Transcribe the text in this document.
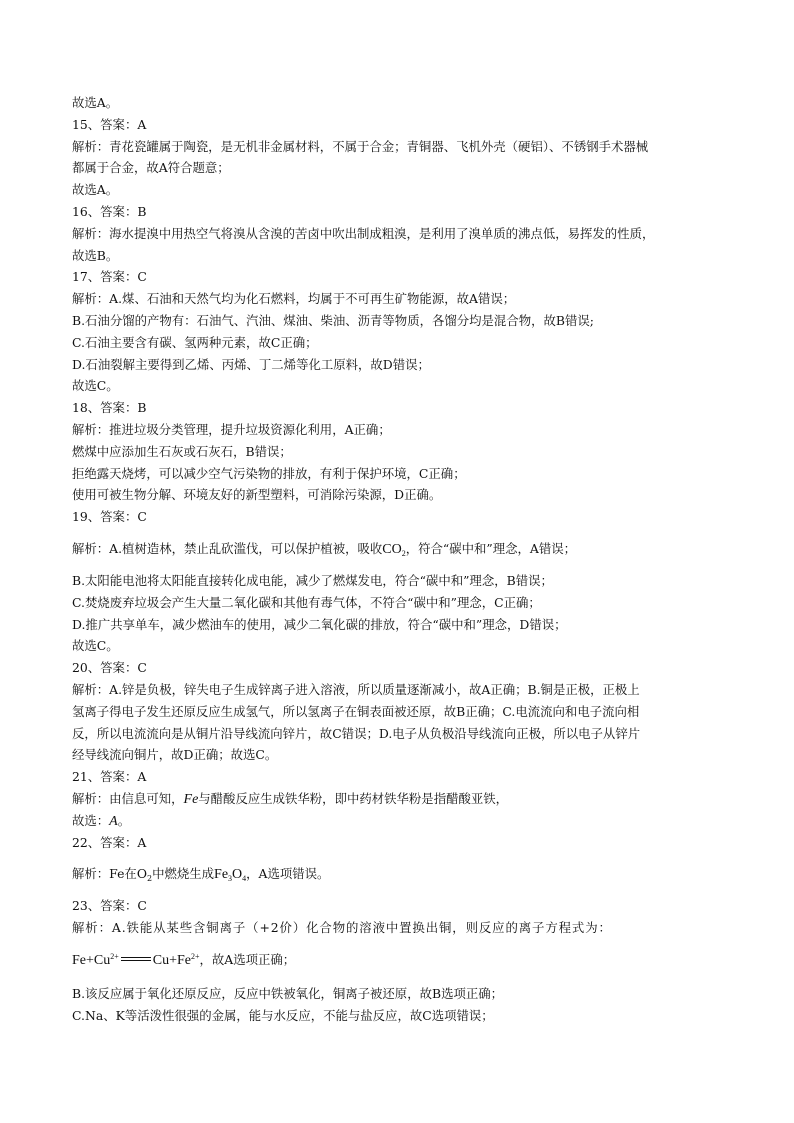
故选A。
15、答案：A
解析：青花瓷罐属于陶瓷，是无机非金属材料，不属于合金；青铜器、飞机外壳（硬铝）、不锈钢手术器械
都属于合金，故A符合题意；
故选A。
16、答案：B
解析：海水提溴中用热空气将溴从含溴的苦卤中吹出制成粗溴，是利用了溴单质的沸点低，易挥发的性质，
故选B。
17、答案：C
解析：A.煤、石油和天然气均为化石燃料，均属于不可再生矿物能源，故A错误；
B.石油分馏的产物有：石油气、汽油、煤油、柴油、沥青等物质，各馏分均是混合物，故B错误;
C.石油主要含有碳、氢两种元素，故C正确；
D.石油裂解主要得到乙烯、丙烯、丁二烯等化工原料，故D错误；
故选C。
18、答案：B
解析：推进垃圾分类管理，提升垃圾资源化利用，A正确；
燃煤中应添加生石灰或石灰石，B错误；
拒绝露天烧烤，可以减少空气污染物的排放，有利于保护环境，C正确；
使用可被生物分解、环境友好的新型塑料，可消除污染源，D正确。
19、答案：C
解析：A.植树造林，禁止乱砍滥伐，可以保护植被，吸收$CO_2$，符合“碳中和”理念，A错误；
B.太阳能电池将太阳能直接转化成电能，减少了燃煤发电，符合“碳中和”理念，B错误；
C.焚烧废弃垃圾会产生大量二氧化碳和其他有毒气体，不符合“碳中和”理念，C正确；
D.推广共享单车，减少燃油车的使用，减少二氧化碳的排放，符合“碳中和”理念，D错误；
故选C。
20、答案：C
解析：A.锌是负极，锌失电子生成锌离子进入溶液，所以质量逐渐减小，故A正确；B.铜是正极，正极上
氢离子得电子发生还原反应生成氢气，所以氢离子在铜表面被还原，故B正确；C.电流流向和电子流向相
反，所以电流流向是从铜片沿导线流向锌片，故C错误；D.电子从负极沿导线流向正极，所以电子从锌片
经导线流向铜片，故D正确；故选C。
21、答案：A
解析：由信息可知，Fe与醋酸反应生成铁华粉，即中药材铁华粉是指醋酸亚铁，
故选：A。
22、答案：A
解析：Fe在$O_2$中燃烧生成$Fe_3O_4$，A选项错误。
23、答案：C
解析：A.铁能从某些含铜离子（+2价）化合物的溶液中置换出铜，则反应的离子方程式为：
$Fe+Cu^{2+}$ $Cu+Fe^{2+}$，故A选项正确；
B.该反应属于氧化还原反应，反应中铁被氧化，铜离子被还原，故B选项正确；
C.Na、K等活泼性很强的金属，能与水反应，不能与盐反应，故C选项错误；
